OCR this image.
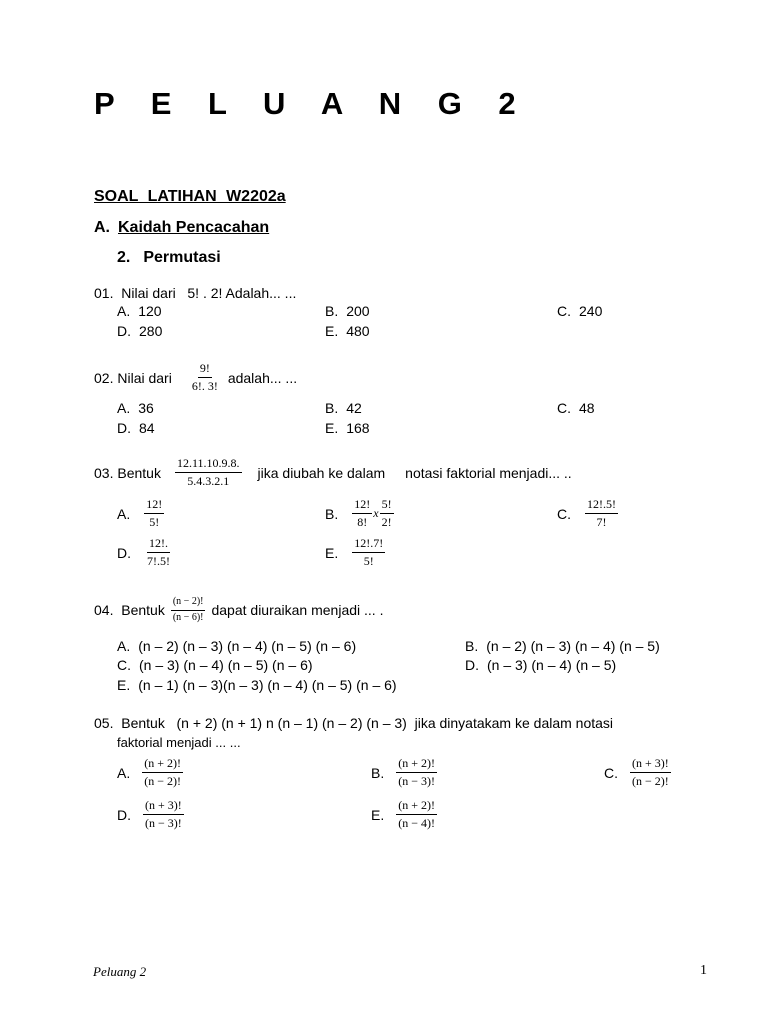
P E L U A N G 2
SOAL LATIHAN W2202a
A. Kaidah Pencacahan
2. Permutasi
01. Nilai dari 5! . 2! Adalah... ...
A. 120	B. 200	C. 240
D. 280	E. 480
02.
Nilai dari $\frac{9!}{6!. 3!}$ adalah... ...
A. 36	B. 42	C. 48
D. 84	E. 168
03.
Bentuk $\frac{12.11.10.9.8.}{5.4.3.2.1}$ jika diubah ke dalam notasi faktorial menjadi... ..
A. $\frac{12!}{5!}$	B. $\frac{12!}{8!}$ x $\frac{5!}{2!}$	C. $\frac{12!.5!}{7!}$
D. $\frac{12!.}{7!.5!}$	E. $\frac{12!.7!}{5!}$
04.
Bentuk $\frac{(n - 2)!}{(n - 6)!}$ dapat diuraikan menjadi ... .
A. (n – 2) (n – 3) (n – 4) (n – 5) (n – 6)	B. (n – 2) (n – 3) (n – 4) (n – 5)
C. (n – 3) (n – 4) (n – 5) (n – 6)	D. (n – 3) (n – 4) (n – 5)
E. (n – 1) (n – 3)(n – 3) (n – 4) (n – 5) (n – 6)
05. Bentuk   (n + 2) (n + 1) n (n – 1) (n – 2) (n – 3)  jika dinyatakam ke dalam notasi
faktorial menjadi ... ...
A. $\frac{(n + 2)!}{(n - 2)!}$	B. $\frac{(n + 2)!}{(n - 3)!}$	C. $\frac{(n + 3)!}{(n - 2)!}$
D. $\frac{(n + 3)!}{(n - 3)!}$	E. $\frac{(n + 2)!}{(n - 4)!}$
Peluang 2	1
